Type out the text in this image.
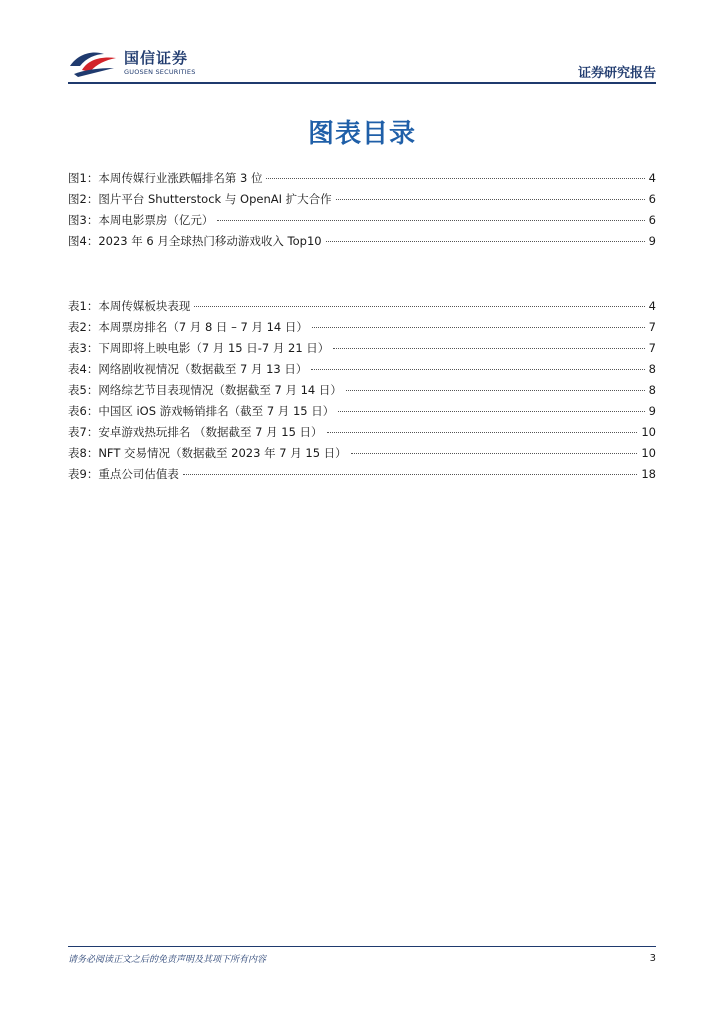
国信证券
GUOSEN SECURITIES	证券研究报告
图表目录
图1： 本周传媒行业涨跌幅排名第 3 位	4
图2： 图片平台 Shutterstock 与 OpenAI 扩大合作	6
图3： 本周电影票房（亿元）	6
图4： 2023 年 6 月全球热门移动游戏收入 Top10	9
表1： 本周传媒板块表现	4
表2： 本周票房排名（7 月 8 日 – 7 月 14 日）	7
表3： 下周即将上映电影（7 月 15 日-7 月 21 日）	7
表4： 网络剧收视情况（数据截至 7 月 13 日）	8
表5： 网络综艺节目表现情况（数据截至 7 月 14 日）	8
表6： 中国区 iOS 游戏畅销排名（截至 7 月 15 日）	9
表7： 安卓游戏热玩排名 （数据截至 7 月 15 日）	10
表8： NFT 交易情况（数据截至 2023 年 7 月 15 日）	10
表9： 重点公司估值表	18
请务必阅读正文之后的免责声明及其项下所有内容	3
